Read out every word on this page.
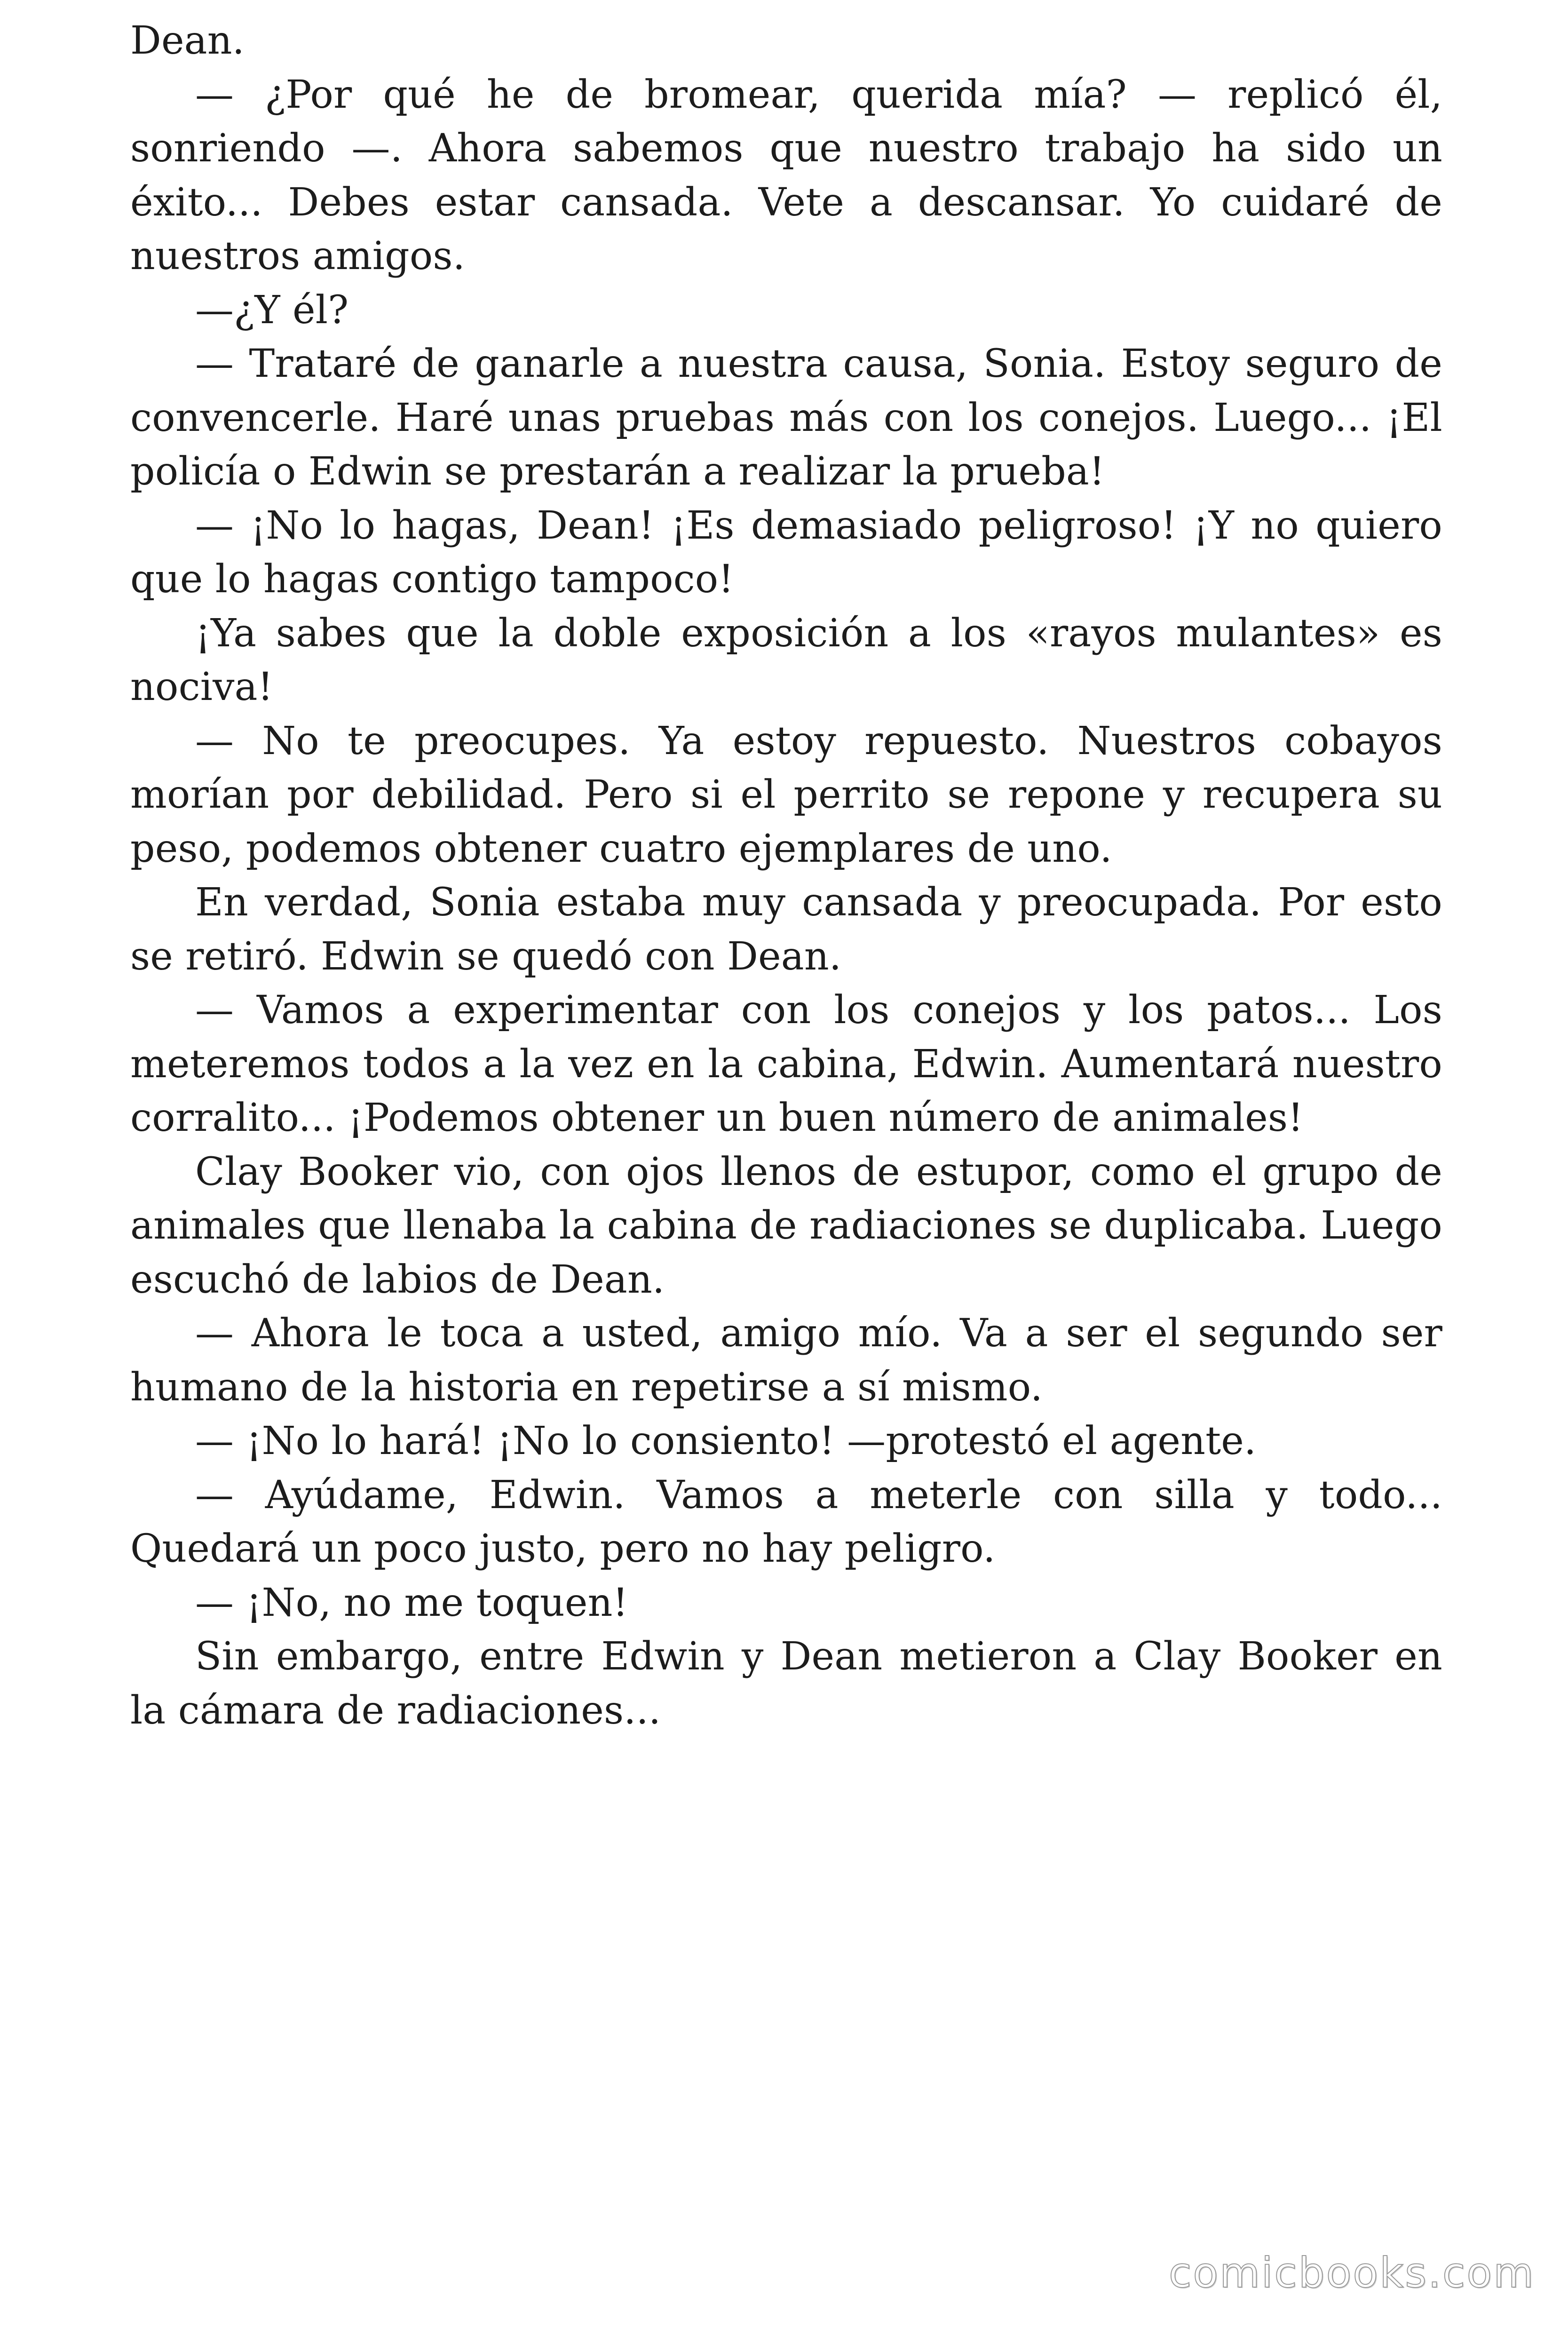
Dean.

— ¿Por qué he de bromear, querida mía? — replicó él, sonriendo —. Ahora sabemos que nuestro trabajo ha sido un éxito... Debes estar cansada. Vete a descansar. Yo cuidaré de nuestros amigos.

—¿Y él?

— Trataré de ganarle a nuestra causa, Sonia. Estoy seguro de convencerle. Haré unas pruebas más con los conejos. Luego... ¡El policía o Edwin se prestarán a realizar la prueba!

— ¡No lo hagas, Dean! ¡Es demasiado peligroso! ¡Y no quiero que lo hagas contigo tampoco!

¡Ya sabes que la doble exposición a los «rayos mulantes» es nociva!

— No te preocupes. Ya estoy repuesto. Nuestros cobayos morían por debilidad. Pero si el perrito se repone y recupera su peso, podemos obtener cuatro ejemplares de uno.

En verdad, Sonia estaba muy cansada y preocupada. Por esto se retiró. Edwin se quedó con Dean.

— Vamos a experimentar con los conejos y los patos... Los meteremos todos a la vez en la cabina, Edwin. Aumentará nuestro corralito... ¡Podemos obtener un buen número de animales!

Clay Booker vio, con ojos llenos de estupor, como el grupo de animales que llenaba la cabina de radiaciones se duplicaba. Luego escuchó de labios de Dean.

— Ahora le toca a usted, amigo mío. Va a ser el segundo ser humano de la historia en repetirse a sí mismo.

— ¡No lo hará! ¡No lo consiento! —protestó el agente.

— Ayúdame, Edwin. Vamos a meterle con silla y todo... Quedará un poco justo, pero no hay peligro.

— ¡No, no me toquen!

Sin embargo, entre Edwin y Dean metieron a Clay Booker en la cámara de radiaciones...

comicbooks.com
